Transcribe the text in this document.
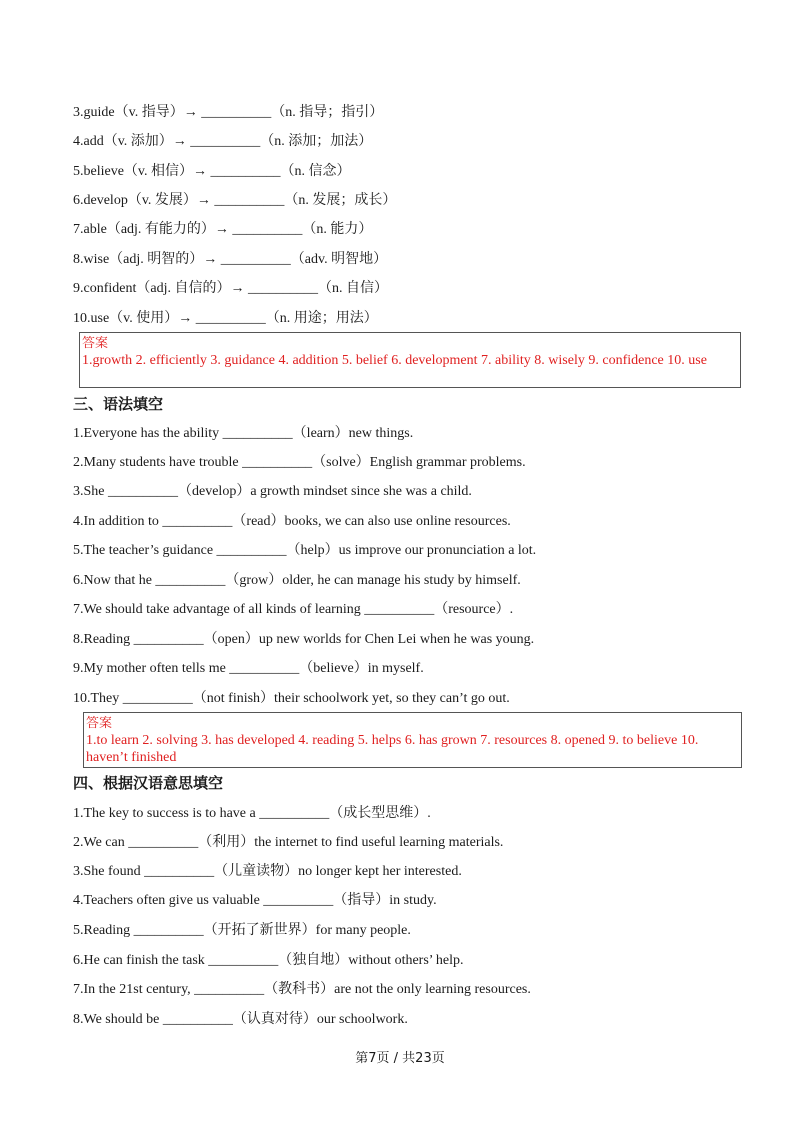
3.guide（v. 指导）→ __________（n. 指导；指引）
4.add（v. 添加）→ __________（n. 添加；加法）
5.believe（v. 相信）→ __________（n. 信念）
6.develop（v. 发展）→ __________（n. 发展；成长）
7.able（adj. 有能力的）→ __________（n. 能力）
8.wise（adj. 明智的）→ __________（adv. 明智地）
9.confident（adj. 自信的）→ __________（n. 自信）
10.use（v. 使用）→ __________（n. 用途；用法）
答案

1.growth 2. efficiently 3. guidance 4. addition 5. belief 6. development 7. ability 8. wisely 9. confidence 10. use

三、语法填空
1.Everyone has the ability __________（learn）new things.
2.Many students have trouble __________（solve）English grammar problems.
3.She __________（develop）a growth mindset since she was a child.
4.In addition to __________（read）books, we can also use online resources.
5.The teacher’s guidance __________（help）us improve our pronunciation a lot.
6.Now that he __________（grow）older, he can manage his study by himself.
7.We should take advantage of all kinds of learning __________（resource）.
8.Reading __________（open）up new worlds for Chen Lei when he was young.
9.My mother often tells me __________（believe）in myself.
10.They __________（not finish）their schoolwork yet, so they can’t go out.
答案

1.to learn 2. solving 3. has developed 4. reading 5. helps 6. has grown 7. resources 8. opened 9. to believe 10. haven’t finished

四、根据汉语意思填空
1.The key to success is to have a __________（成长型思维）.
2.We can __________（利用）the internet to find useful learning materials.
3.She found __________（儿童读物）no longer kept her interested.
4.Teachers often give us valuable __________（指导）in study.
5.Reading __________（开拓了新世界）for many people.
6.He can finish the task __________（独自地）without others’ help.
7.In the 21st century, __________（教科书）are not the only learning resources.
8.We should be __________（认真对待）our schoolwork.
第7页 / 共23页
